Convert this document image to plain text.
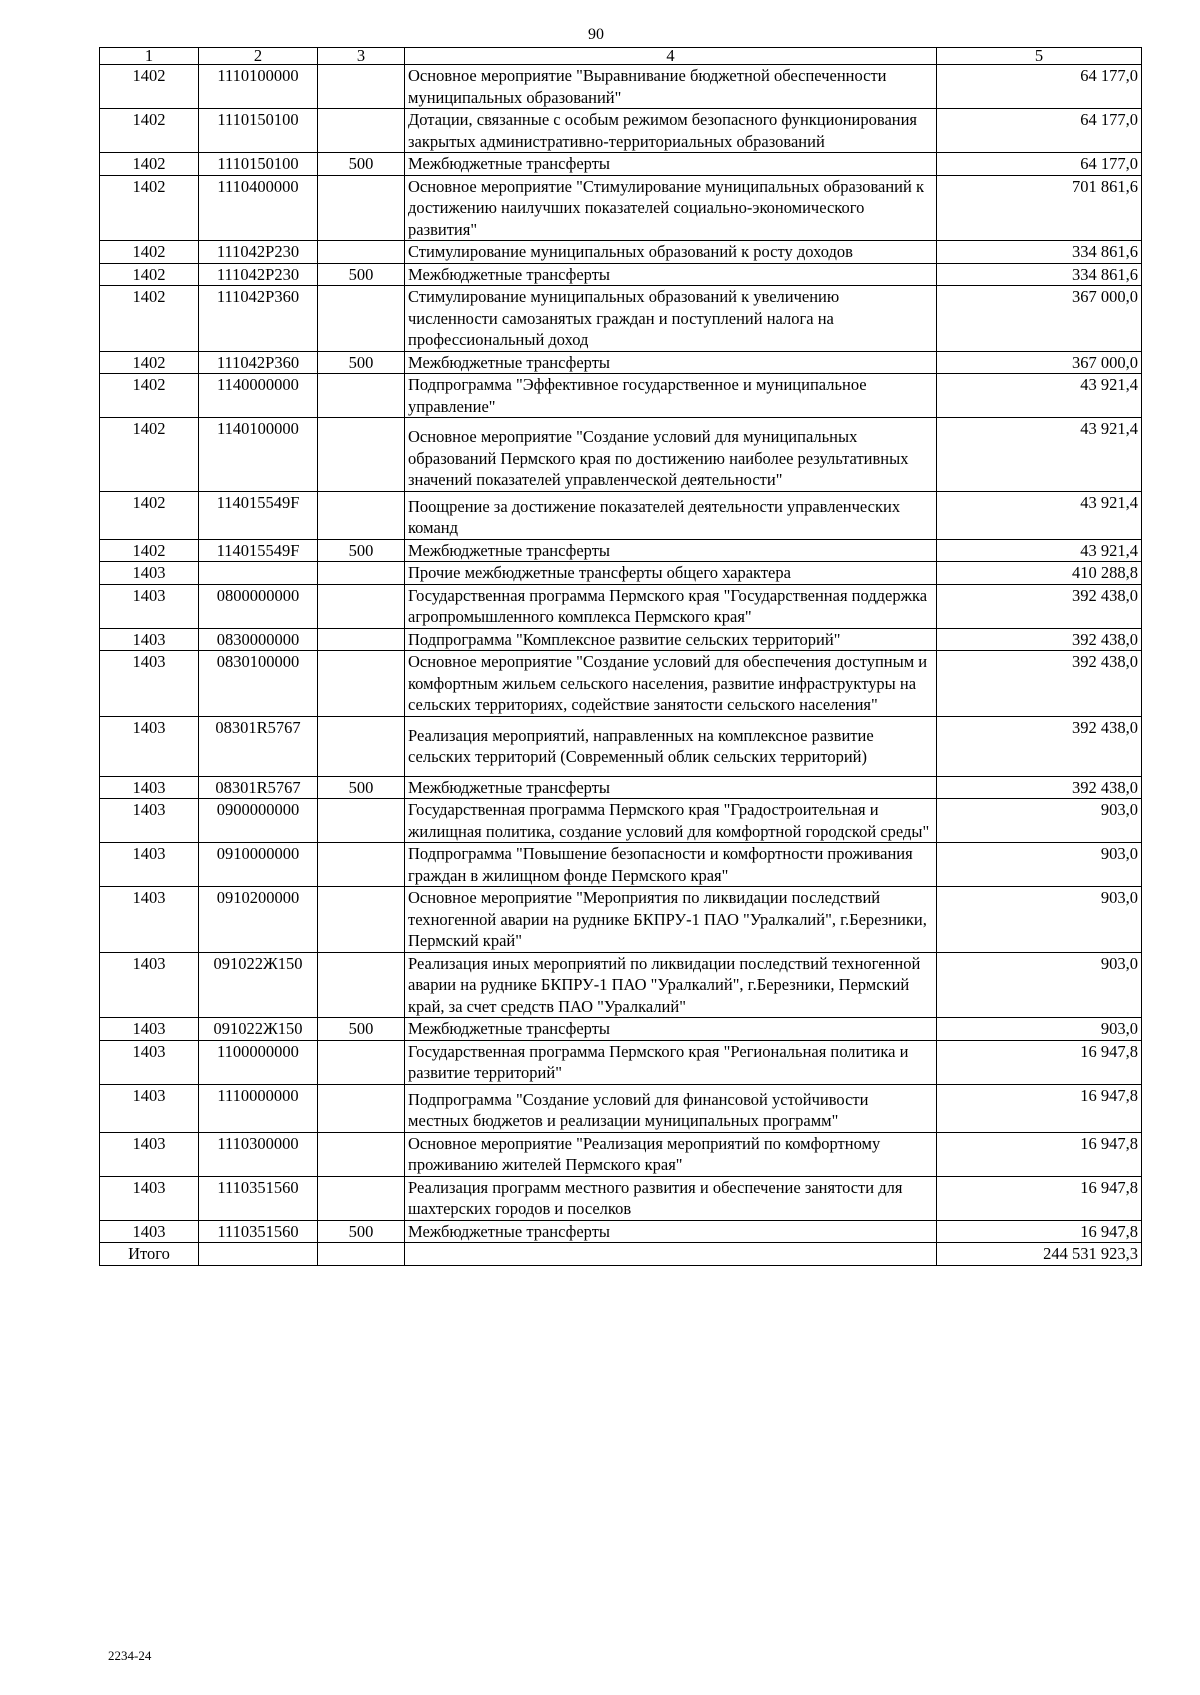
90
1	2	3	4	5
1402	1110100000		Основное мероприятие "Выравнивание бюджетной обеспеченности муниципальных образований"	64 177,0
1402	1110150100		Дотации, связанные с особым режимом безопасного функционирования закрытых административно-территориальных образований	64 177,0
1402	1110150100	500	Межбюджетные трансферты	64 177,0
1402	1110400000		Основное мероприятие "Стимулирование муниципальных образований к достижению наилучших показателей социально-экономического развития"	701 861,6
1402	111042Р230		Стимулирование муниципальных образований к росту доходов	334 861,6
1402	111042Р230	500	Межбюджетные трансферты	334 861,6
1402	111042Р360		Стимулирование муниципальных образований к увеличению численности самозанятых граждан и поступлений налога на профессиональный доход	367 000,0
1402	111042Р360	500	Межбюджетные трансферты	367 000,0
1402	1140000000		Подпрограмма "Эффективное государственное и муниципальное управление"	43 921,4
1402	1140100000		Основное мероприятие "Создание условий для муниципальных образований Пермского края по достижению наиболее результативных значений показателей управленческой деятельности"	43 921,4
1402	114015549F		Поощрение за достижение показателей деятельности управленческих команд	43 921,4
1402	114015549F	500	Межбюджетные трансферты	43 921,4
1403			Прочие межбюджетные трансферты общего характера	410 288,8
1403	0800000000		Государственная программа Пермского края "Государственная поддержка агропромышленного комплекса Пермского края"	392 438,0
1403	0830000000		Подпрограмма "Комплексное развитие сельских территорий"	392 438,0
1403	0830100000		Основное мероприятие "Создание условий для обеспечения доступным и комфортным жильем сельского населения, развитие инфраструктуры на сельских территориях, содействие занятости сельского населения"	392 438,0
1403	08301R5767		Реализация мероприятий, направленных на комплексное развитие сельских территорий (Современный облик сельских территорий)	392 438,0
1403	08301R5767	500	Межбюджетные трансферты	392 438,0
1403	0900000000		Государственная программа Пермского края "Градостроительная и жилищная политика, создание условий для комфортной городской среды"	903,0
1403	0910000000		Подпрограмма "Повышение безопасности и комфортности проживания граждан в жилищном фонде Пермского края"	903,0
1403	0910200000		Основное мероприятие "Мероприятия по ликвидации последствий техногенной аварии на руднике БКПРУ-1 ПАО "Уралкалий", г.Березники, Пермский край"	903,0
1403	091022Ж150		Реализация иных мероприятий по ликвидации последствий техногенной аварии на руднике БКПРУ-1 ПАО "Уралкалий", г.Березники, Пермский край, за счет средств ПАО "Уралкалий"	903,0
1403	091022Ж150	500	Межбюджетные трансферты	903,0
1403	1100000000		Государственная программа Пермского края "Региональная политика и развитие территорий"	16 947,8
1403	1110000000		Подпрограмма "Создание условий для финансовой устойчивости местных бюджетов и реализации муниципальных программ"	16 947,8
1403	1110300000		Основное мероприятие "Реализация мероприятий по комфортному проживанию жителей Пермского края"	16 947,8
1403	1110351560		Реализация программ местного развития и обеспечение занятости для шахтерских городов и поселков	16 947,8
1403	1110351560	500	Межбюджетные трансферты	16 947,8
Итого				244 531 923,3
2234-24
